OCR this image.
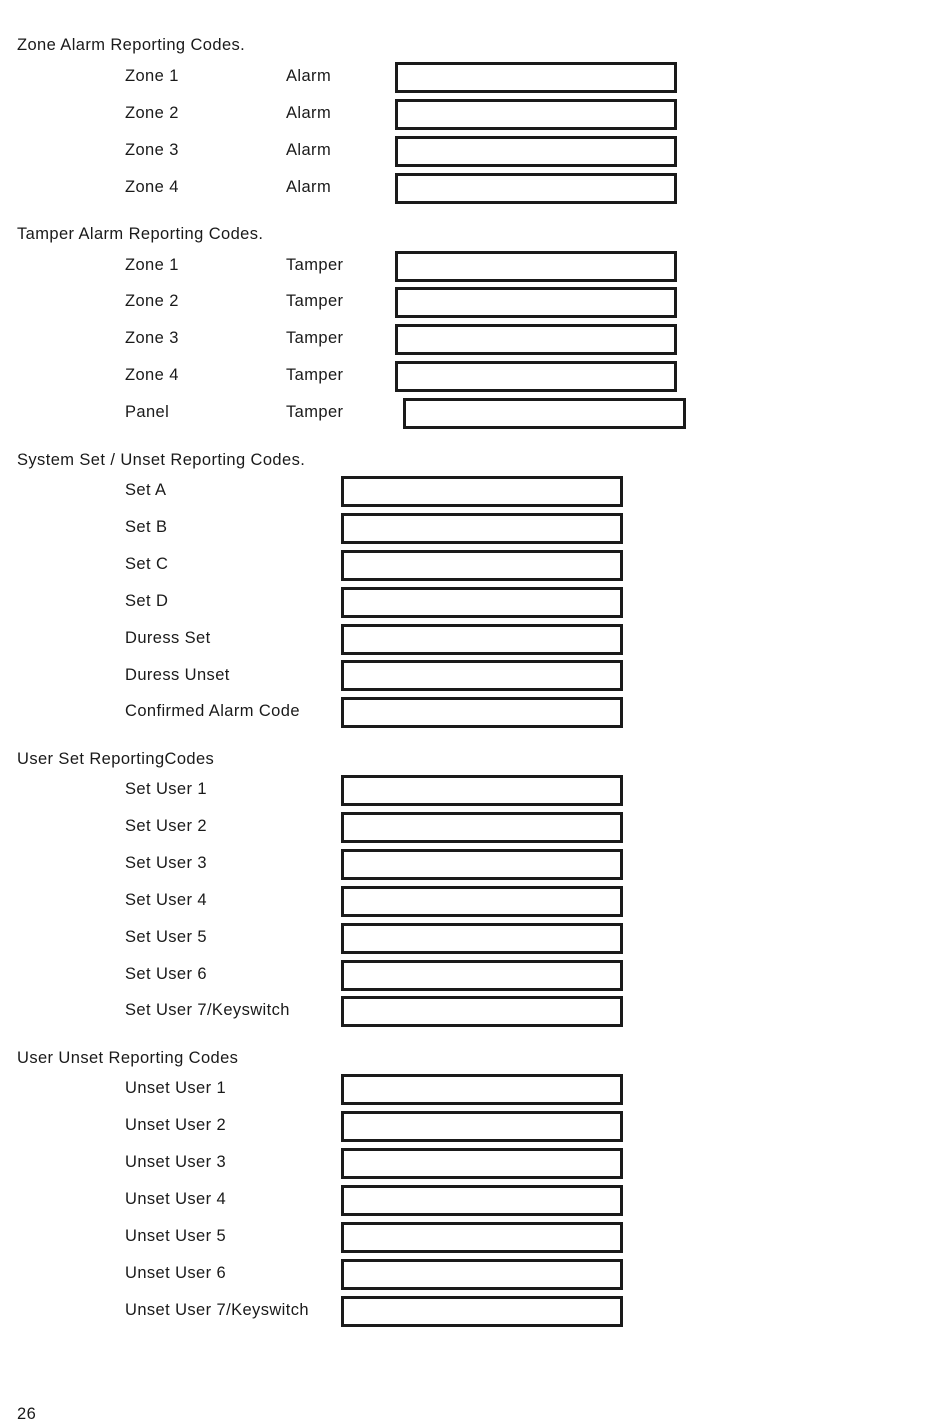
Zone Alarm Reporting Codes.
Zone 1	Alarm
Zone 2	Alarm
Zone 3	Alarm
Zone 4	Alarm
Tamper Alarm Reporting Codes.
Zone 1	Tamper
Zone 2	Tamper
Zone 3	Tamper
Zone 4	Tamper
Panel	Tamper
System Set / Unset Reporting Codes.
Set A
Set B
Set C
Set D
Duress Set
Duress Unset
Confirmed Alarm Code
User Set ReportingCodes
Set User 1
Set User 2
Set User 3
Set User 4
Set User 5
Set User 6
Set User 7/Keyswitch
User Unset Reporting Codes
Unset User 1
Unset User 2
Unset User 3
Unset User 4
Unset User 5
Unset User 6
Unset User 7/Keyswitch
26
